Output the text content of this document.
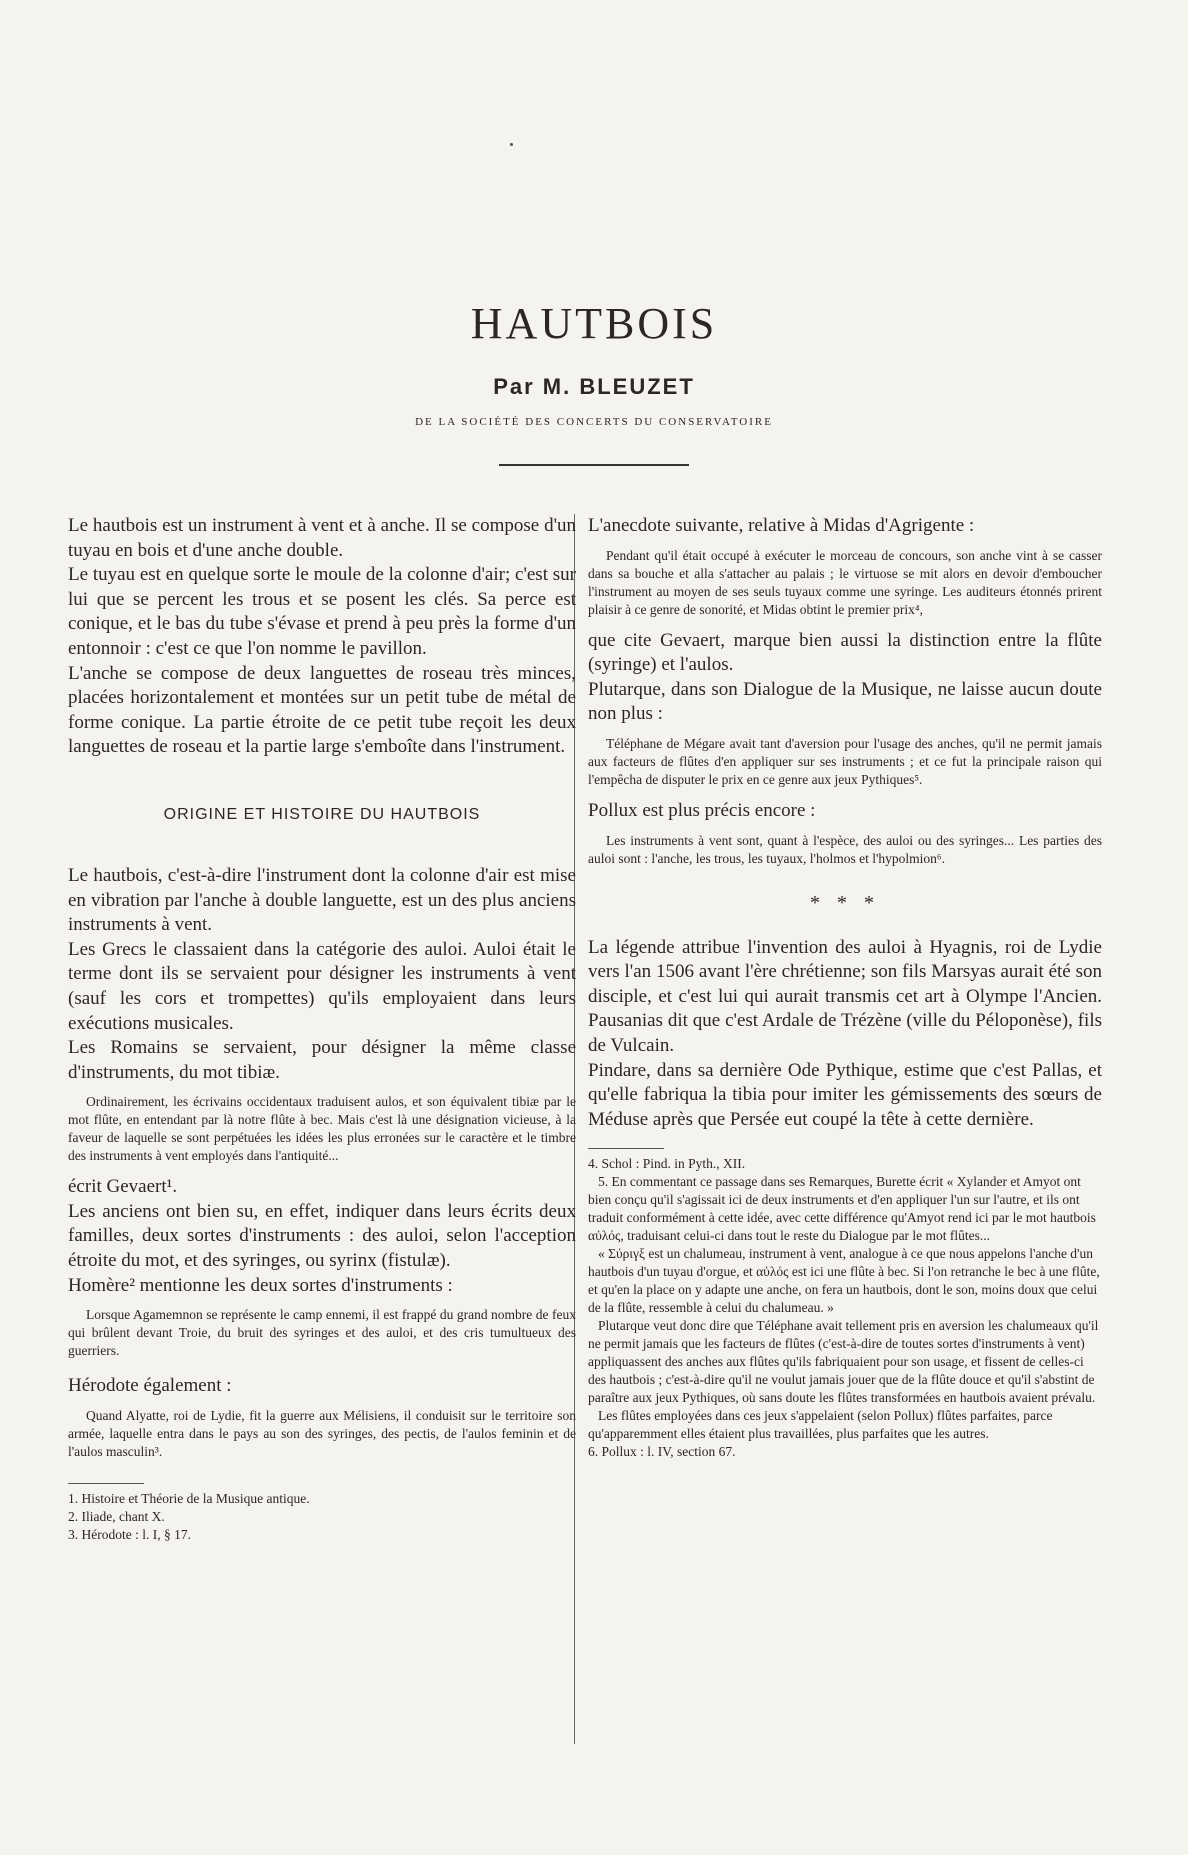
HAUTBOIS
Par M. BLEUZET
DE LA SOCIÉTÉ DES CONCERTS DU CONSERVATOIRE

Le hautbois est un instrument à vent et à anche. Il se compose d'un tuyau en bois et d'une anche double.

Le tuyau est en quelque sorte le moule de la colonne d'air; c'est sur lui que se percent les trous et se posent les clés. Sa perce est conique, et le bas du tube s'évase et prend à peu près la forme d'un entonnoir : c'est ce que l'on nomme le pavillon.

L'anche se compose de deux languettes de roseau très minces, placées horizontalement et montées sur un petit tube de métal de forme conique. La partie étroite de ce petit tube reçoit les deux languettes de roseau et la partie large s'emboîte dans l'instrument.

ORIGINE ET HISTOIRE DU HAUTBOIS

Le hautbois, c'est-à-dire l'instrument dont la colonne d'air est mise en vibration par l'anche à double languette, est un des plus anciens instruments à vent.

Les Grecs le classaient dans la catégorie des auloi. Auloi était le terme dont ils se servaient pour désigner les instruments à vent (sauf les cors et trompettes) qu'ils employaient dans leurs exécutions musicales.

Les Romains se servaient, pour désigner la même classe d'instruments, du mot tibiæ.

Ordinairement, les écrivains occidentaux traduisent aulos, et son équivalent tibiæ par le mot flûte, en entendant par là notre flûte à bec. Mais c'est là une désignation vicieuse, à la faveur de laquelle se sont perpétuées les idées les plus erronées sur le caractère et le timbre des instruments à vent employés dans l'antiquité...

écrit Gevaert¹.

Les anciens ont bien su, en effet, indiquer dans leurs écrits deux familles, deux sortes d'instruments : des auloi, selon l'acception étroite du mot, et des syringes, ou syrinx (fistulæ).

Homère² mentionne les deux sortes d'instruments :

Lorsque Agamemnon se représente le camp ennemi, il est frappé du grand nombre de feux qui brûlent devant Troie, du bruit des syringes et des auloi, et des cris tumultueux des guerriers.

Hérodote également :

Quand Alyatte, roi de Lydie, fit la guerre aux Mélisiens, il conduisit sur le territoire son armée, laquelle entra dans le pays au son des syringes, des pectis, de l'aulos feminin et de l'aulos masculin³.

1. Histoire et Théorie de la Musique antique.

2. Iliade, chant X.

3. Hérodote : l. I, § 17.

L'anecdote suivante, relative à Midas d'Agrigente :

Pendant qu'il était occupé à exécuter le morceau de concours, son anche vint à se casser dans sa bouche et alla s'attacher au palais ; le virtuose se mit alors en devoir d'emboucher l'instrument au moyen de ses seuls tuyaux comme une syringe. Les auditeurs étonnés prirent plaisir à ce genre de sonorité, et Midas obtint le premier prix⁴,

que cite Gevaert, marque bien aussi la distinction entre la flûte (syringe) et l'aulos.

Plutarque, dans son Dialogue de la Musique, ne laisse aucun doute non plus :

Téléphane de Mégare avait tant d'aversion pour l'usage des anches, qu'il ne permit jamais aux facteurs de flûtes d'en appliquer sur ses instruments ; et ce fut la principale raison qui l'empêcha de disputer le prix en ce genre aux jeux Pythiques⁵.

Pollux est plus précis encore :

Les instruments à vent sont, quant à l'espèce, des auloi ou des syringes... Les parties des auloi sont : l'anche, les trous, les tuyaux, l'holmos et l'hypolmion⁶.

* * *

La légende attribue l'invention des auloi à Hyagnis, roi de Lydie vers l'an 1506 avant l'ère chrétienne; son fils Marsyas aurait été son disciple, et c'est lui qui aurait transmis cet art à Olympe l'Ancien. Pausanias dit que c'est Ardale de Trézène (ville du Péloponèse), fils de Vulcain.

Pindare, dans sa dernière Ode Pythique, estime que c'est Pallas, et qu'elle fabriqua la tibia pour imiter les gémissements des sœurs de Méduse après que Persée eut coupé la tête à cette dernière.

4. Schol : Pind. in Pyth., XII.

5. En commentant ce passage dans ses Remarques, Burette écrit « Xylander et Amyot ont bien conçu qu'il s'agissait ici de deux instruments et d'en appliquer l'un sur l'autre, et ils ont traduit conformément à cette idée, avec cette différence qu'Amyot rend ici par le mot hautbois αὐλός, traduisant celui-ci dans tout le reste du Dialogue par le mot flûtes...

« Σύριγξ est un chalumeau, instrument à vent, analogue à ce que nous appelons l'anche d'un hautbois d'un tuyau d'orgue, et αὐλός est ici une flûte à bec. Si l'on retranche le bec à une flûte, et qu'en la place on y adapte une anche, on fera un hautbois, dont le son, moins doux que celui de la flûte, ressemble à celui du chalumeau. »

Plutarque veut donc dire que Téléphane avait tellement pris en aversion les chalumeaux qu'il ne permit jamais que les facteurs de flûtes (c'est-à-dire de toutes sortes d'instruments à vent) appliquassent des anches aux flûtes qu'ils fabriquaient pour son usage, et fissent de celles-ci des hautbois ; c'est-à-dire qu'il ne voulut jamais jouer que de la flûte douce et qu'il s'abstint de paraître aux jeux Pythiques, où sans doute les flûtes transformées en hautbois avaient prévalu.

Les flûtes employées dans ces jeux s'appelaient (selon Pollux) flûtes parfaites, parce qu'apparemment elles étaient plus travaillées, plus parfaites que les autres.

6. Pollux : l. IV, section 67.
